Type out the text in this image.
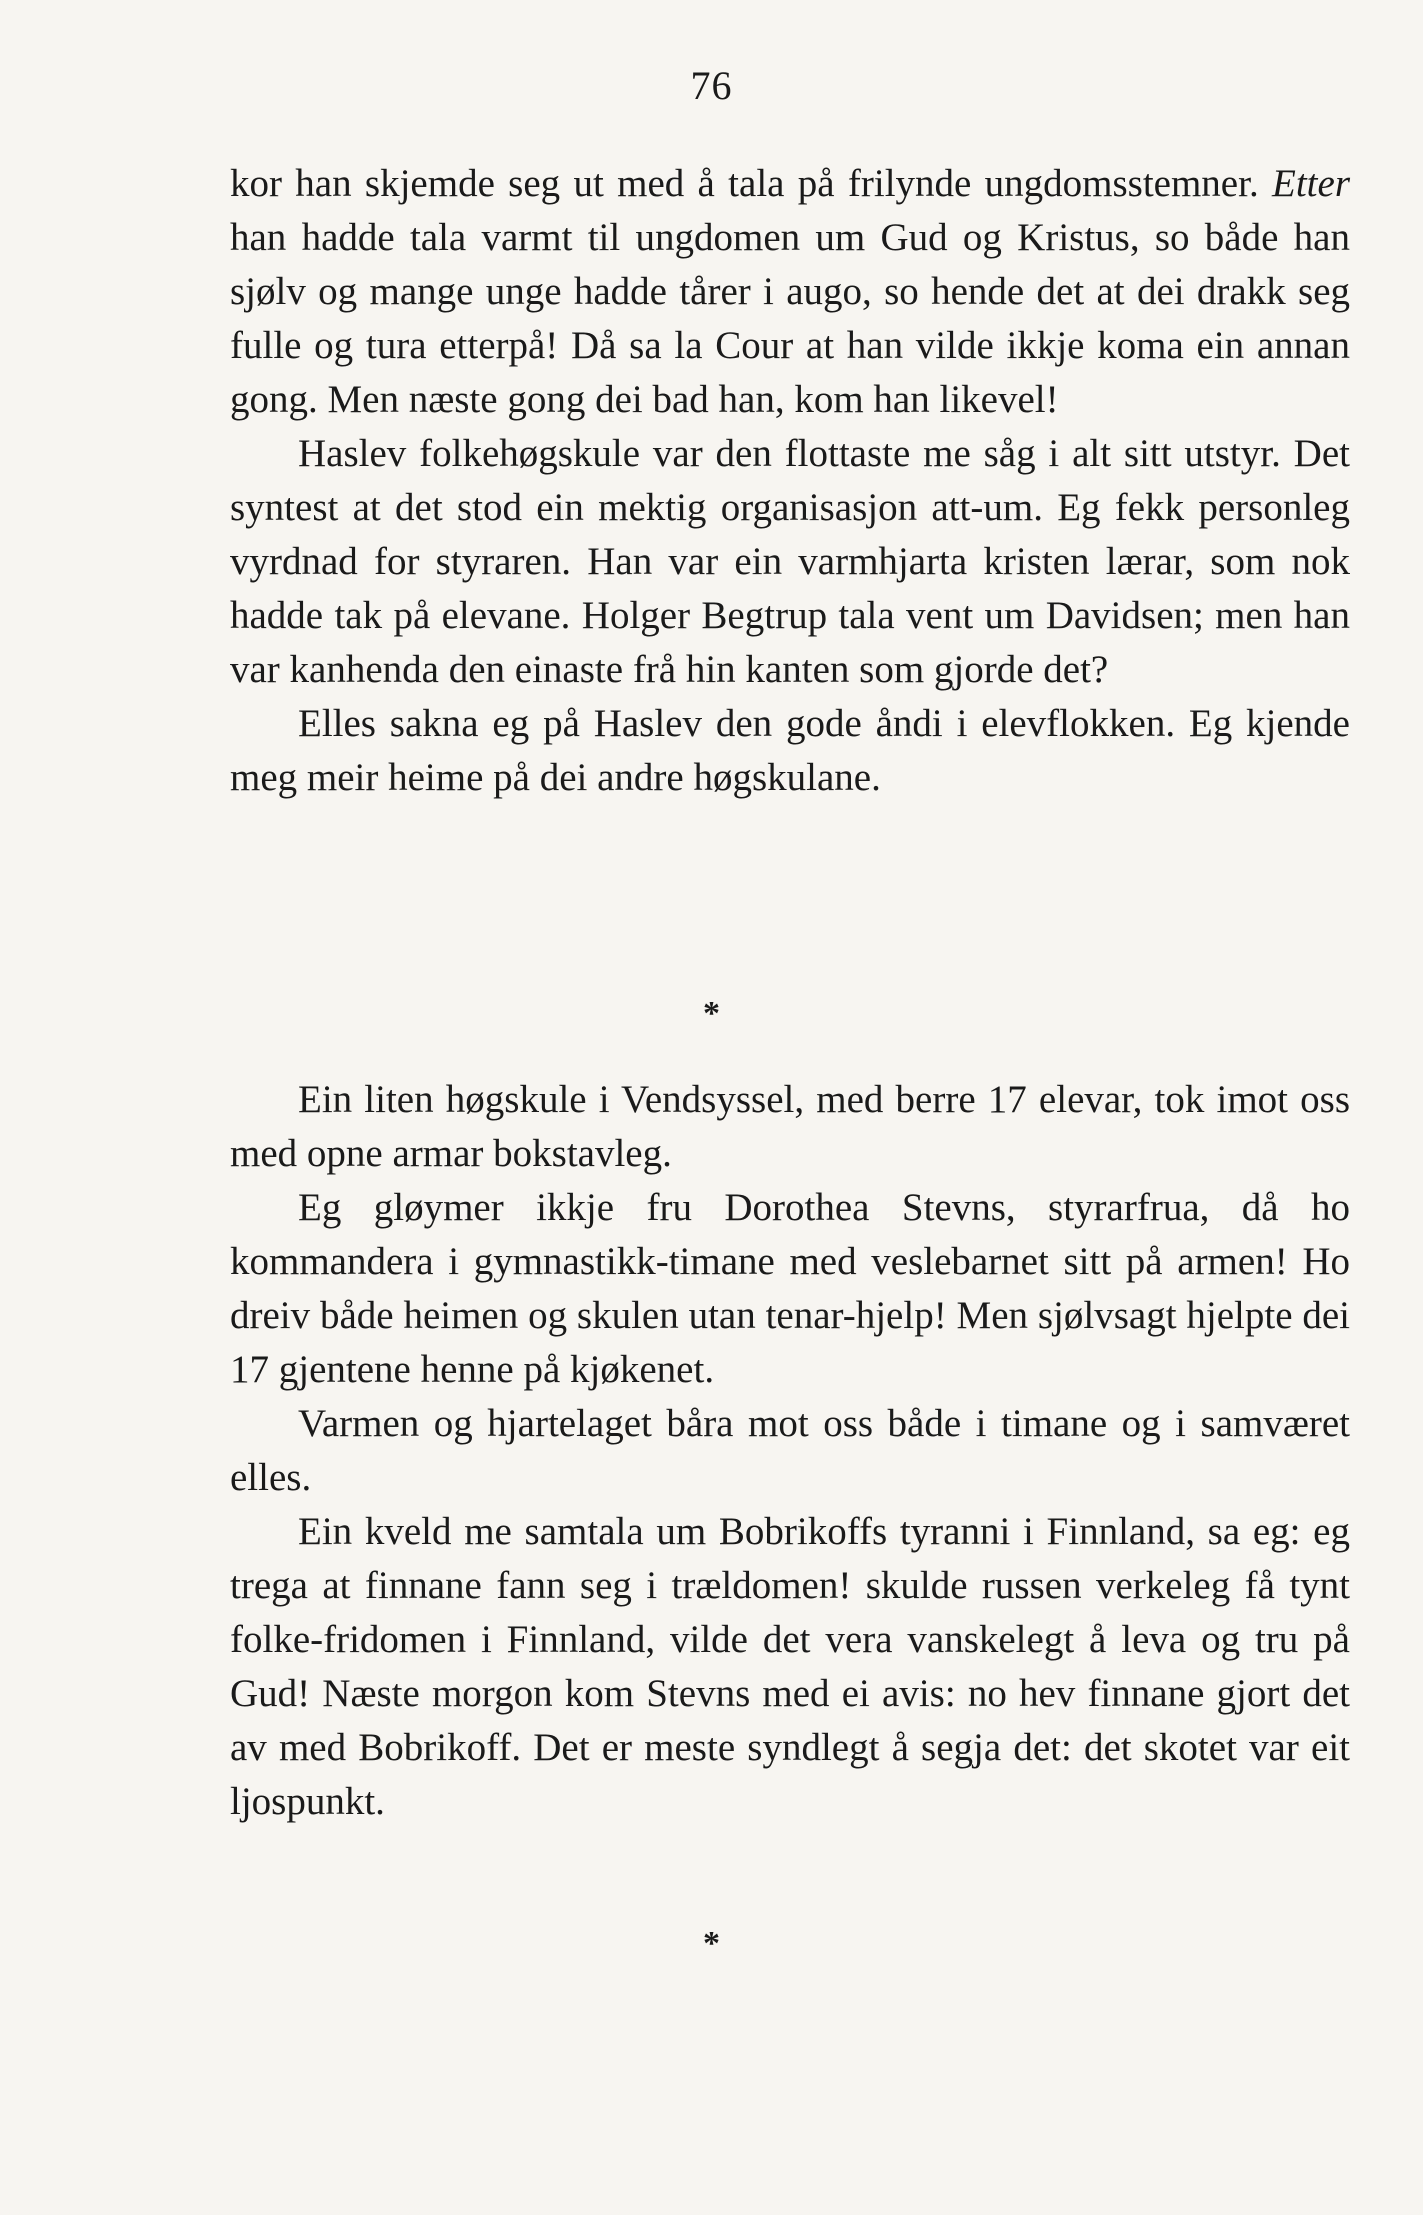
76

kor han skjemde seg ut med å tala på frilynde ungdomsstemner. Etter han hadde tala varmt til ungdomen um Gud og Kristus, so både han sjølv og mange unge hadde tårer i augo, so hende det at dei drakk seg fulle og tura etterpå! Då sa la Cour at han vilde ikkje koma ein annan gong. Men næste gong dei bad han, kom han likevel!

Haslev folkehøgskule var den flottaste me såg i alt sitt utstyr. Det syntest at det stod ein mektig organisasjon att-um. Eg fekk personleg vyrdnad for styraren. Han var ein varmhjarta kristen lærar, som nok hadde tak på elevane. Holger Begtrup tala vent um Davidsen; men han var kanhenda den einaste frå hin kanten som gjorde det?

Elles sakna eg på Haslev den gode åndi i elevflokken. Eg kjende meg meir heime på dei andre høgskulane.

*

Ein liten høgskule i Vendsyssel, med berre 17 elevar, tok imot oss med opne armar bokstavleg.

Eg gløymer ikkje fru Dorothea Stevns, styrarfrua, då ho kommandera i gymnastikk-timane med veslebarnet sitt på armen! Ho dreiv både heimen og skulen utan tenar-hjelp! Men sjølvsagt hjelpte dei 17 gjentene henne på kjøkenet.

Varmen og hjartelaget båra mot oss både i timane og i samværet elles.

Ein kveld me samtala um Bobrikoffs tyranni i Finnland, sa eg: eg trega at finnane fann seg i trældomen! skulde russen verkeleg få tynt folke-fridomen i Finnland, vilde det vera vanskelegt å leva og tru på Gud! Næste morgon kom Stevns med ei avis: no hev finnane gjort det av med Bobrikoff. Det er meste syndlegt å segja det: det skotet var eit ljospunkt.

*
